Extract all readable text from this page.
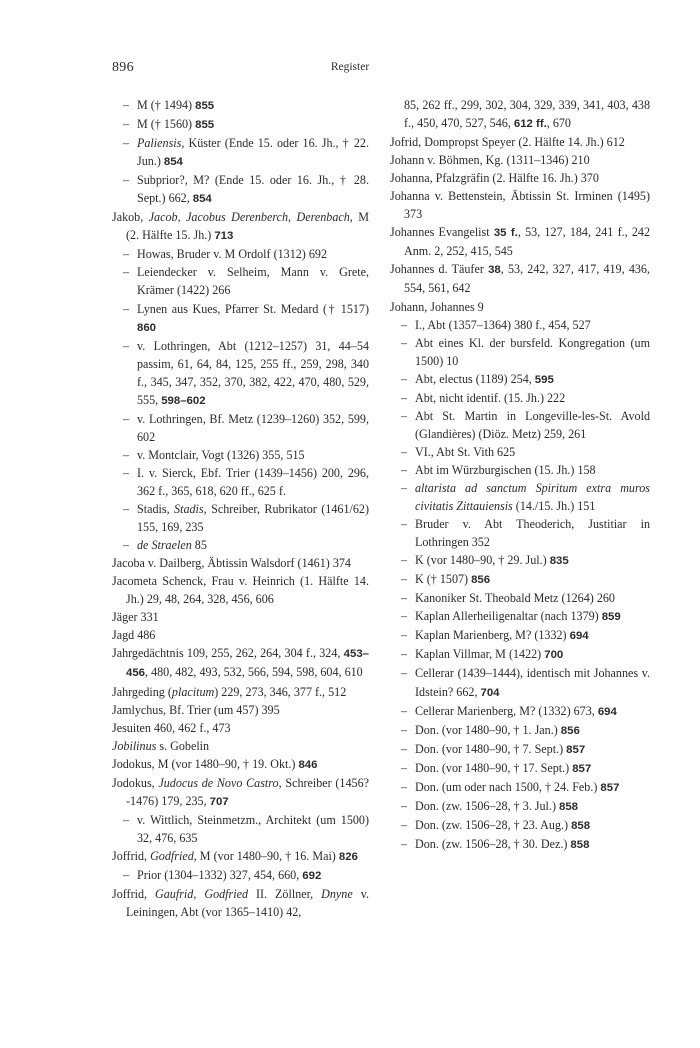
896	Register

– M († 1494) 855

– M († 1560) 855

– Paliensis, Küster (Ende 15. oder 16. Jh., † 22. Jun.) 854

– Subprior?, M? (Ende 15. oder 16. Jh., † 28. Sept.) 662, 854

Jakob, Jacob, Jacobus Derenberch, Derenbach, M (2. Hälfte 15. Jh.) 713

– Howas, Bruder v. M Ordolf (1312) 692

– Leiendecker v. Selheim, Mann v. Grete, Krämer (1422) 266

– Lynen aus Kues, Pfarrer St. Medard († 1517) 860

– v. Lothringen, Abt (1212–1257) 31, 44–54 passim, 61, 64, 84, 125, 255 ff., 259, 298, 340 f., 345, 347, 352, 370, 382, 422, 470, 480, 529, 555, 598–602

– v. Lothringen, Bf. Metz (1239–1260) 352, 599, 602

– v. Montclair, Vogt (1326) 355, 515

– I. v. Sierck, Ebf. Trier (1439–1456) 200, 296, 362 f., 365, 618, 620 ff., 625 f.

– Stadis, Stadis, Schreiber, Rubrikator (1461/62) 155, 169, 235

– de Straelen 85

Jacoba v. Dailberg, Äbtissin Walsdorf (1461) 374

Jacometa Schenck, Frau v. Heinrich (1. Hälfte 14. Jh.) 29, 48, 264, 328, 456, 606

Jäger 331

Jagd 486

Jahrgedächtnis 109, 255, 262, 264, 304 f., 324, 453–456, 480, 482, 493, 532, 566, 594, 598, 604, 610

Jahrgeding (placitum) 229, 273, 346, 377 f., 512

Jamlychus, Bf. Trier (um 457) 395

Jesuiten 460, 462 f., 473

Jobilinus s. Gobelin

Jodokus, M (vor 1480–90, † 19. Okt.) 846

Jodokus, Judocus de Novo Castro, Schreiber (1456?-1476) 179, 235, 707

– v. Wittlich, Steinmetzm., Architekt (um 1500) 32, 476, 635

Joffrid, Godfried, M (vor 1480–90, † 16. Mai) 826

– Prior (1304–1332) 327, 454, 660, 692

Joffrid, Gaufrid, Godfried II. Zöllner, Dnyne v. Leiningen, Abt (vor 1365–1410) 42,

85, 262 ff., 299, 302, 304, 329, 339, 341, 403, 438 f., 450, 470, 527, 546, 612 ff., 670

Jofrid, Dompropst Speyer (2. Hälfte 14. Jh.) 612

Johann v. Böhmen, Kg. (1311–1346) 210

Johanna, Pfalzgräfin (2. Hälfte 16. Jh.) 370

Johanna v. Bettenstein, Äbtissin St. Irminen (1495) 373

Johannes Evangelist 35 f., 53, 127, 184, 241 f., 242 Anm. 2, 252, 415, 545

Johannes d. Täufer 38, 53, 242, 327, 417, 419, 436, 554, 561, 642

Johann, Johannes 9

– I., Abt (1357–1364) 380 f., 454, 527

– Abt eines Kl. der bursfeld. Kongregation (um 1500) 10

– Abt, electus (1189) 254, 595

– Abt, nicht identif. (15. Jh.) 222

– Abt St. Martin in Longeville-les-St. Avold (Glandières) (Diöz. Metz) 259, 261

– VI., Abt St. Vith 625

– Abt im Würzburgischen (15. Jh.) 158

– altarista ad sanctum Spiritum extra muros civitatis Zittauiensis (14./15. Jh.) 151

– Bruder v. Abt Theoderich, Justitiar in Lothringen 352

– K (vor 1480–90, † 29. Jul.) 835

– K († 1507) 856

– Kanoniker St. Theobald Metz (1264) 260

– Kaplan Allerheiligenaltar (nach 1379) 859

– Kaplan Marienberg, M? (1332) 694

– Kaplan Villmar, M (1422) 700

– Cellerar (1439–1444), identisch mit Johannes v. Idstein? 662, 704

– Cellerar Marienberg, M? (1332) 673, 694

– Don. (vor 1480–90, † 1. Jan.) 856

– Don. (vor 1480–90, † 7. Sept.) 857

– Don. (vor 1480–90, † 17. Sept.) 857

– Don. (um oder nach 1500, † 24. Feb.) 857

– Don. (zw. 1506–28, † 3. Jul.) 858

– Don. (zw. 1506–28, † 23. Aug.) 858

– Don. (zw. 1506–28, † 30. Dez.) 858
